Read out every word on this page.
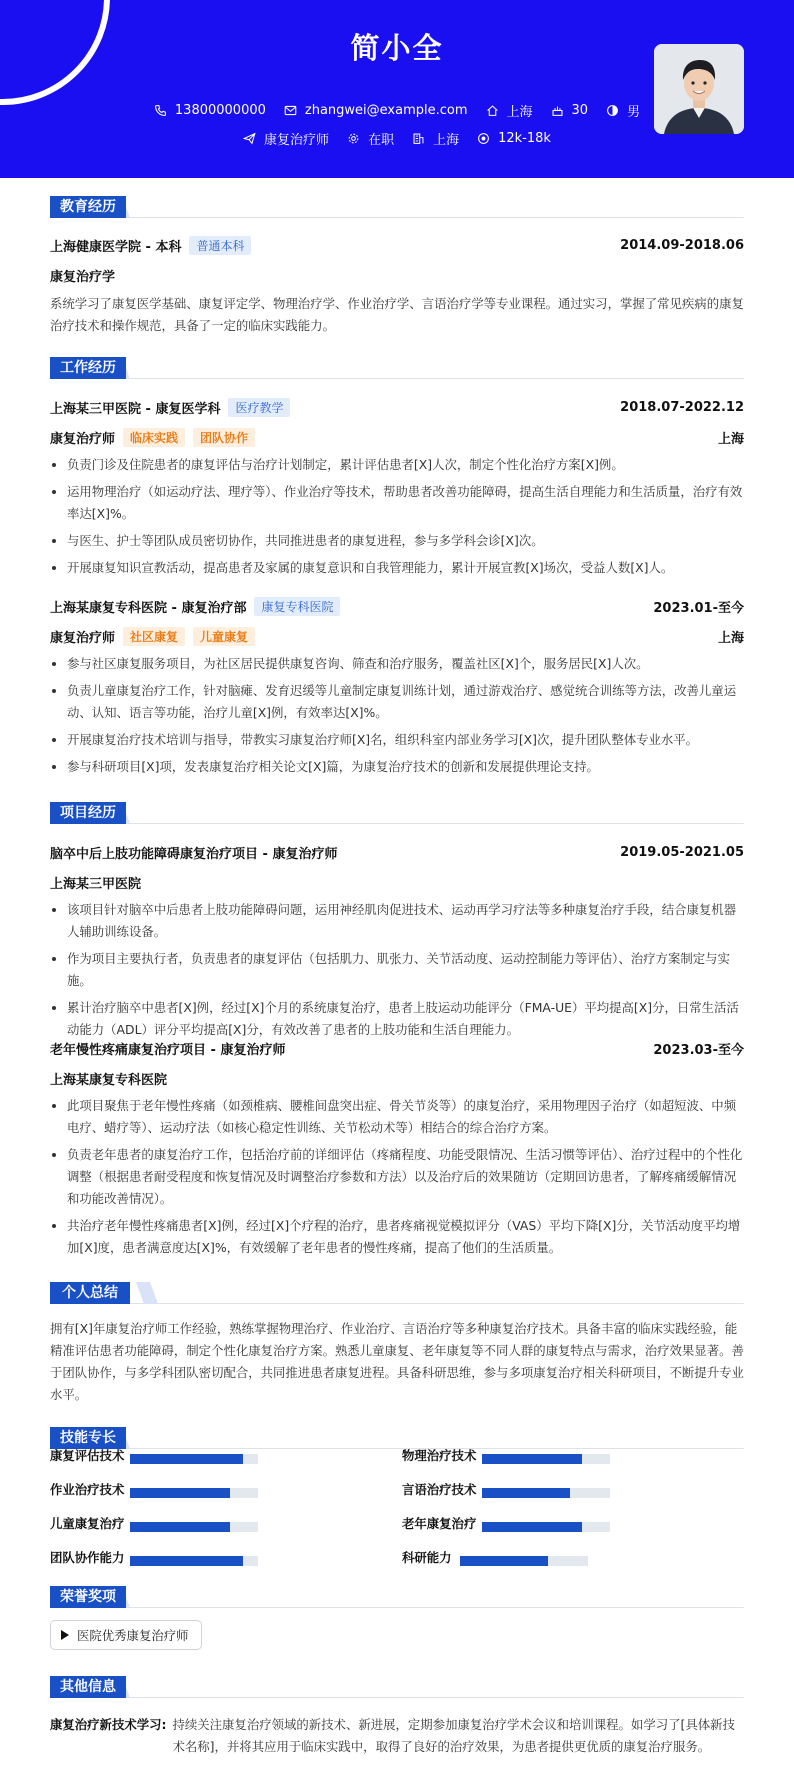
简小全
13800000000	zhangwei@example.com	上海	30	男
康复治疗师	在职	上海	12k-18k
教育经历
上海健康医学院 - 本科	普通本科	2014.09-2018.06
康复治疗学
系统学习了康复医学基础、康复评定学、物理治疗学、作业治疗学、言语治疗学等专业课程。通过实习，掌握了常见疾病的康复治疗技术和操作规范，具备了一定的临床实践能力。
工作经历
上海某三甲医院 - 康复医学科	医疗教学	2018.07-2022.12
康复治疗师	临床实践	团队协作	上海
负责门诊及住院患者的康复评估与治疗计划制定，累计评估患者[X]人次，制定个性化治疗方案[X]例。
运用物理治疗（如运动疗法、理疗等）、作业治疗等技术，帮助患者改善功能障碍，提高生活自理能力和生活质量，治疗有效率达[X]%。
与医生、护士等团队成员密切协作，共同推进患者的康复进程，参与多学科会诊[X]次。
开展康复知识宣教活动，提高患者及家属的康复意识和自我管理能力，累计开展宣教[X]场次，受益人数[X]人。
上海某康复专科医院 - 康复治疗部	康复专科医院	2023.01-至今
康复治疗师	社区康复	儿童康复	上海
参与社区康复服务项目，为社区居民提供康复咨询、筛查和治疗服务，覆盖社区[X]个，服务居民[X]人次。
负责儿童康复治疗工作，针对脑瘫、发育迟缓等儿童制定康复训练计划，通过游戏治疗、感觉统合训练等方法，改善儿童运动、认知、语言等功能，治疗儿童[X]例，有效率达[X]%。
开展康复治疗技术培训与指导，带教实习康复治疗师[X]名，组织科室内部业务学习[X]次，提升团队整体专业水平。
参与科研项目[X]项，发表康复治疗相关论文[X]篇，为康复治疗技术的创新和发展提供理论支持。
项目经历
脑卒中后上肢功能障碍康复治疗项目 - 康复治疗师	2019.05-2021.05
上海某三甲医院
该项目针对脑卒中后患者上肢功能障碍问题，运用神经肌肉促进技术、运动再学习疗法等多种康复治疗手段，结合康复机器人辅助训练设备。
作为项目主要执行者，负责患者的康复评估（包括肌力、肌张力、关节活动度、运动控制能力等评估）、治疗方案制定与实施。
累计治疗脑卒中患者[X]例，经过[X]个月的系统康复治疗，患者上肢运动功能评分（FMA-UE）平均提高[X]分，日常生活活动能力（ADL）评分平均提高[X]分，有效改善了患者的上肢功能和生活自理能力。
老年慢性疼痛康复治疗项目 - 康复治疗师	2023.03-至今
上海某康复专科医院
此项目聚焦于老年慢性疼痛（如颈椎病、腰椎间盘突出症、骨关节炎等）的康复治疗，采用物理因子治疗（如超短波、中频电疗、蜡疗等）、运动疗法（如核心稳定性训练、关节松动术等）相结合的综合治疗方案。
负责老年患者的康复治疗工作，包括治疗前的详细评估（疼痛程度、功能受限情况、生活习惯等评估）、治疗过程中的个性化调整（根据患者耐受程度和恢复情况及时调整治疗参数和方法）以及治疗后的效果随访（定期回访患者，了解疼痛缓解情况和功能改善情况）。
共治疗老年慢性疼痛患者[X]例，经过[X]个疗程的治疗，患者疼痛视觉模拟评分（VAS）平均下降[X]分，关节活动度平均增加[X]度，患者满意度达[X]%，有效缓解了老年患者的慢性疼痛，提高了他们的生活质量。
个人总结
拥有[X]年康复治疗师工作经验，熟练掌握物理治疗、作业治疗、言语治疗等多种康复治疗技术。具备丰富的临床实践经验，能精准评估患者功能障碍，制定个性化康复治疗方案。熟悉儿童康复、老年康复等不同人群的康复特点与需求，治疗效果显著。善于团队协作，与多学科团队密切配合，共同推进患者康复进程。具备科研思维，参与多项康复治疗相关科研项目，不断提升专业水平。
技能专长
康复评估技术	物理治疗技术
作业治疗技术	言语治疗技术
儿童康复治疗	老年康复治疗
团队协作能力	科研能力
荣誉奖项
医院优秀康复治疗师
其他信息
康复治疗新技术学习: 持续关注康复治疗领域的新技术、新进展，定期参加康复治疗学术会议和培训课程。如学习了[具体新技术名称]，并将其应用于临床实践中，取得了良好的治疗效果，为患者提供更优质的康复治疗服务。
